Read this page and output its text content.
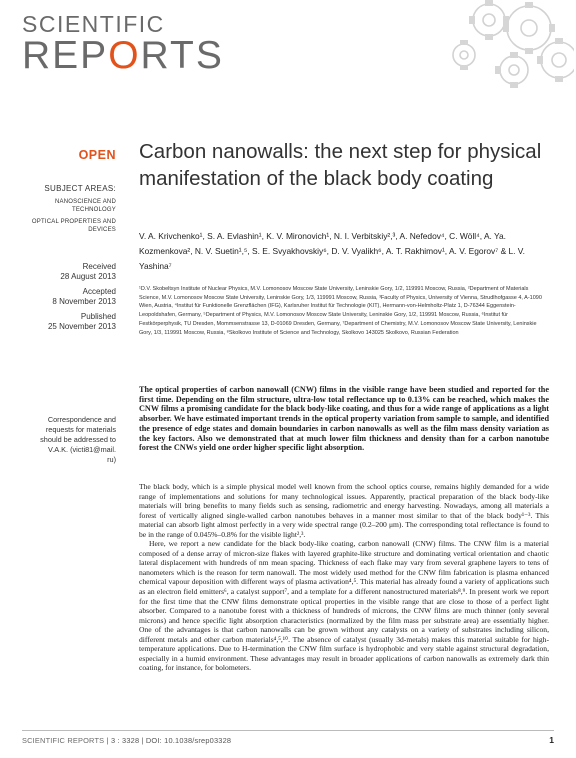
SCIENTIFIC
REPORTS
OPEN
SUBJECT AREAS:
NANOSCIENCE AND
TECHNOLOGY
OPTICAL PROPERTIES AND
DEVICES
Received
28 August 2013
Accepted
8 November 2013
Published
25 November 2013
Correspondence and
requests for materials
should be addressed to
V.A.K. (victi81@mail.
ru)
Carbon nanowalls: the next step for physical manifestation of the black body coating
V. A. Krivchenko¹, S. A. Evlashin¹, K. V. Mironovich¹, N. I. Verbitskiy²,³, A. Nefedov⁴, C. Wöll⁴, A. Ya. Kozmenkova², N. V. Suetin¹,⁵, S. E. Svyakhovskiy⁶, D. V. Vyalikh⁶, A. T. Rakhimov¹, A. V. Egorov⁷ & L. V. Yashina⁷
¹D.V. Skobeltsyn Institute of Nuclear Physics, M.V. Lomonosov Moscow State University, Leninskie Gory, 1/2, 119991 Moscow, Russia, ²Department of Materials Science, M.V. Lomonosov Moscow State University, Leninskie Gory, 1/3, 119991 Moscow, Russia, ³Faculty of Physics, University of Vienna, Strudlhofgasse 4, A-1090 Wien, Austria, ⁴Institut für Funktionelle Grenzflächen (IFG), Karlsruher Institut für Technologie (KIT), Hermann-von-Helmholtz-Platz 1, D-76344 Eggenstein-Leopoldshafen, Germany, ⁵Department of Physics, M.V. Lomonosov Moscow State University, Leninskie Gory, 1/2, 119991 Moscow, Russia, ⁶Institut für Festkörperphysik, TU Dresden, Mommsenstrasse 13, D-01069 Dresden, Germany, ⁷Department of Chemistry, M.V. Lomonosov Moscow State University, Leninskie Gory, 1/3, 119991 Moscow, Russia, ⁸Skolkovo Institute of Science and Technology, Skolkovo 143025 Skolkovo, Russian Federation
The optical properties of carbon nanowall (CNW) films in the visible range have been studied and reported for the first time. Depending on the film structure, ultra-low total reflectance up to 0.13% can be reached, which makes the CNW films a promising candidate for the black body-like coating, and thus for a wide range of applications as a light absorber. We have estimated important trends in the optical property variation from sample to sample, and identified the presence of edge states and domain boundaries in carbon nanowalls as well as the film mass density variation as the key factors. Also we demonstrated that at much lower film thickness and density than for a carbon nanotube forest the CNWs yield one order higher specific light absorption.

The black body, which is a simple physical model well known from the school optics course, remains highly demanded for a wide range of implementations and solutions for many technological issues. Apparently, practical preparation of the black body-like materials will bring benefits to many fields such as sensing, radiometric and energy harvesting. Nowadays, among all materials a forest of vertically aligned single-walled carbon nanotubes behaves in a manner most similar to that of the black body¹⁻³. This material can absorb light almost perfectly in a very wide spectral range (0.2–200 μm). The corresponding total reflectance is found to be in the range of 0.045%–0.8% for the visible light²,³.

Here, we report a new candidate for the black body-like coating, carbon nanowall (CNW) films. The CNW film is a material composed of a dense array of micron-size flakes with layered graphite-like structure and dominating vertical orientation and chaotic lateral displacement with hundreds of nm mean spacing. Thickness of each flake may vary from several graphene layers to tens of nanometers which is the reason for term nanowall. The most widely used method for the CNW film fabrication is plasma enhanced chemical vapour deposition with different ways of plasma activation⁴,⁵. This material has already found a variety of applications such as an electron field emitters⁶, a catalyst support⁷, and a template for a different nanostructured materials⁸,⁹. In present work we report for the first time that the CNW films demonstrate optical properties in the visible range that are close to those of a perfect light absorber. Compared to a nanotube forest with a thickness of hundreds of microns, the CNW films are much thinner (only several microns) and hence specific light absorption characteristics (normalized by the film mass per substrate area) are essentially higher. One of the advantages is that carbon nanowalls can be grown without any catalysts on a variety of substrates including silicon, different metals and other carbon materials⁴,⁵,¹⁰. The absence of catalyst (usually 3d-metals) makes this material suitable for high-temperature applications. Due to H-termination the CNW film surface is hydrophobic and very stable against structural degradation, especially in a humid environment. These advantages may result in broader applications of carbon nanowalls as extremely dark thin coating, for instance, for bolometers.

SCIENTIFIC REPORTS | 3 : 3328 | DOI: 10.1038/srep03328	1
